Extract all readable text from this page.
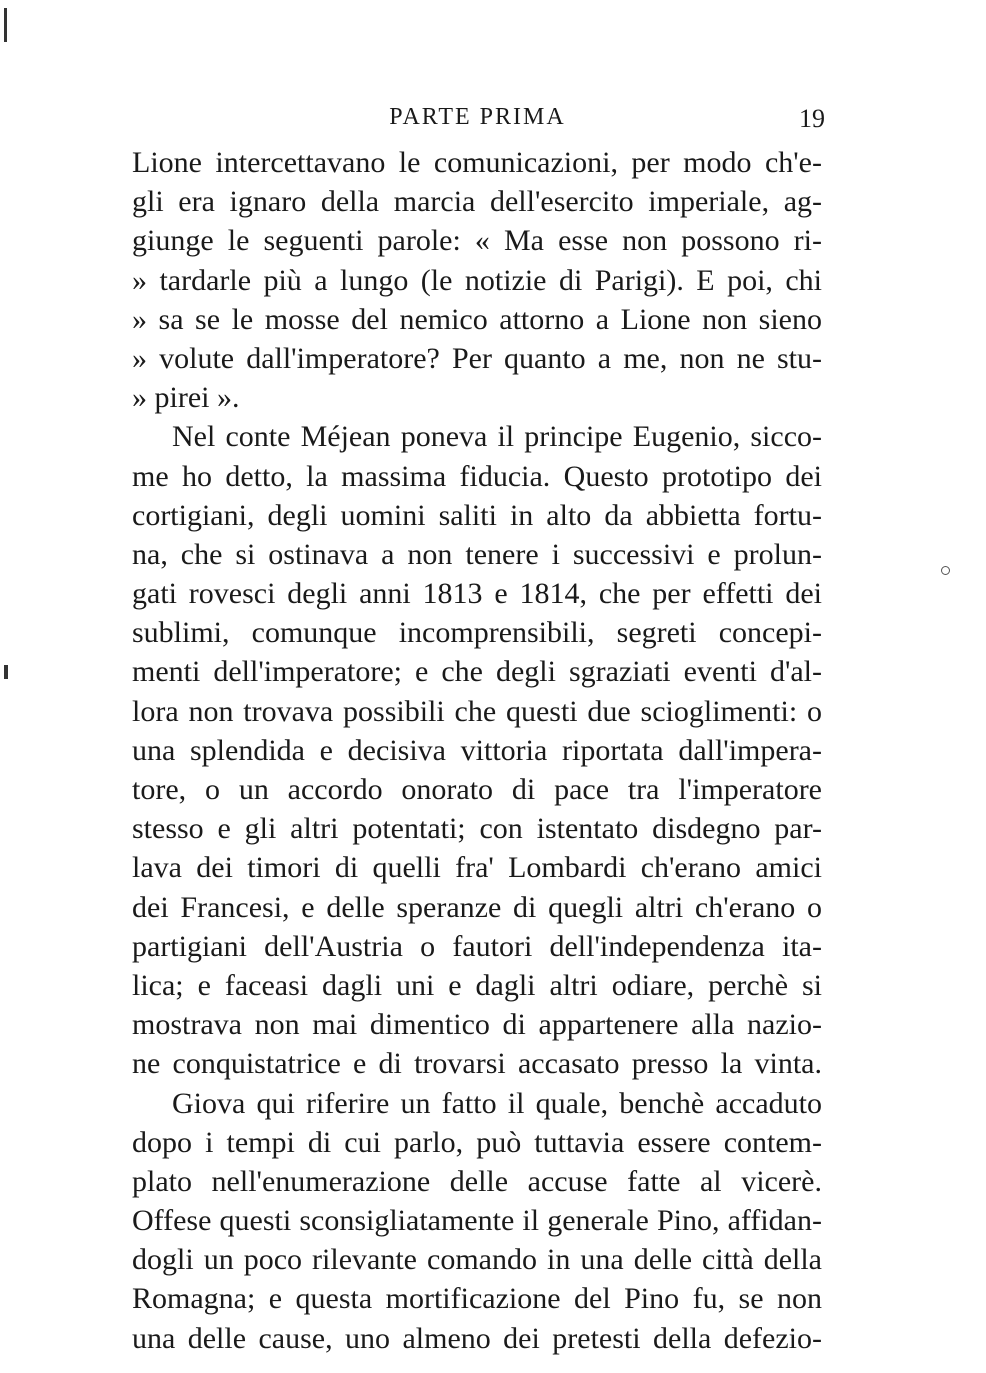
PARTE PRIMA	19
Lione intercettavano le comunicazioni, per modo ch'e-
gli era ignaro della marcia dell'esercito imperiale, ag-
giunge le seguenti parole: « Ma esse non possono ri-
» tardarle più a lungo (le notizie di Parigi). E poi, chi
» sa se le mosse del nemico attorno a Lione non sieno
» volute dall'imperatore? Per quanto a me, non ne stu-
» pirei ».
Nel conte Méjean poneva il principe Eugenio, sicco-
me ho detto, la massima fiducia. Questo prototipo dei
cortigiani, degli uomini saliti in alto da abbietta fortu-
na, che si ostinava a non tenere i successivi e prolun-
gati rovesci degli anni 1813 e 1814, che per effetti dei
sublimi, comunque incomprensibili, segreti concepi-
menti dell'imperatore; e che degli sgraziati eventi d'al-
lora non trovava possibili che questi due scioglimenti: o
una splendida e decisiva vittoria riportata dall'impera-
tore, o un accordo onorato di pace tra l'imperatore
stesso e gli altri potentati; con istentato disdegno par-
lava dei timori di quelli fra' Lombardi ch'erano amici
dei Francesi, e delle speranze di quegli altri ch'erano o
partigiani dell'Austria o fautori dell'independenza ita-
lica; e faceasi dagli uni e dagli altri odiare, perchè si
mostrava non mai dimentico di appartenere alla nazio-
ne conquistatrice e di trovarsi accasato presso la vinta.
Giova qui riferire un fatto il quale, benchè accaduto
dopo i tempi di cui parlo, può tuttavia essere contem-
plato nell'enumerazione delle accuse fatte al vicerè.
Offese questi sconsigliatamente il generale Pino, affidan-
dogli un poco rilevante comando in una delle città della
Romagna; e questa mortificazione del Pino fu, se non
una delle cause, uno almeno dei pretesti della defezio-
